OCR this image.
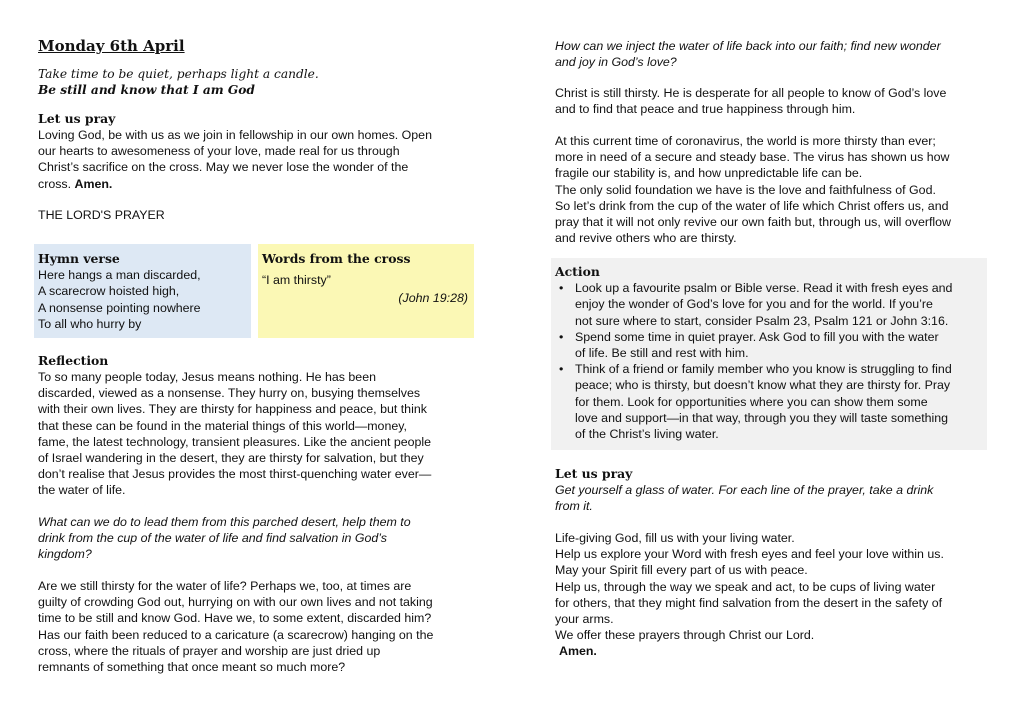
Monday 6th April
Take time to be quiet, perhaps light a candle.
Be still and know that I am God
Let us pray
Loving God, be with us as we join in fellowship in our own homes. Open
our hearts to awesomeness of your love, made real for us through
Christ’s sacrifice on the cross. May we never lose the wonder of the
cross. Amen.
THE LORD'S PRAYER
Hymn verse
Here hangs a man discarded,
A scarecrow hoisted high,
A nonsense pointing nowhere
To all who hurry by
Words from the cross
“I am thirsty”
(John 19:28)
Reflection
To so many people today, Jesus means nothing. He has been
discarded, viewed as a nonsense. They hurry on, busying themselves
with their own lives. They are thirsty for happiness and peace, but think
that these can be found in the material things of this world—money,
fame, the latest technology, transient pleasures. Like the ancient people
of Israel wandering in the desert, they are thirsty for salvation, but they
don’t realise that Jesus provides the most thirst-quenching water ever—
the water of life.
What can we do to lead them from this parched desert, help them to
drink from the cup of the water of life and find salvation in God’s
kingdom?
Are we still thirsty for the water of life? Perhaps we, too, at times are
guilty of crowding God out, hurrying on with our own lives and not taking
time to be still and know God. Have we, to some extent, discarded him?
Has our faith been reduced to a caricature (a scarecrow) hanging on the
cross, where the rituals of prayer and worship are just dried up
remnants of something that once meant so much more?
How can we inject the water of life back into our faith; find new wonder
and joy in God’s love?
Christ is still thirsty. He is desperate for all people to know of God’s love
and to find that peace and true happiness through him.
At this current time of coronavirus, the world is more thirsty than ever;
more in need of a secure and steady base. The virus has shown us how
fragile our stability is, and how unpredictable life can be.
The only solid foundation we have is the love and faithfulness of God.
So let’s drink from the cup of the water of life which Christ offers us, and
pray that it will not only revive our own faith but, through us, will overflow
and revive others who are thirsty.
Action
• Look up a favourite psalm or Bible verse. Read it with fresh eyes and
enjoy the wonder of God’s love for you and for the world. If you’re
not sure where to start, consider Psalm 23, Psalm 121 or John 3:16.
• Spend some time in quiet prayer. Ask God to fill you with the water
of life. Be still and rest with him.
• Think of a friend or family member who you know is struggling to find
peace; who is thirsty, but doesn’t know what they are thirsty for. Pray
for them. Look for opportunities where you can show them some
love and support—in that way, through you they will taste something
of the Christ’s living water.
Let us pray
Get yourself a glass of water. For each line of the prayer, take a drink
from it.
Life-giving God, fill us with your living water.
Help us explore your Word with fresh eyes and feel your love within us.
May your Spirit fill every part of us with peace.
Help us, through the way we speak and act, to be cups of living water
for others, that they might find salvation from the desert in the safety of
your arms.
We offer these prayers through Christ our Lord.
Amen.
